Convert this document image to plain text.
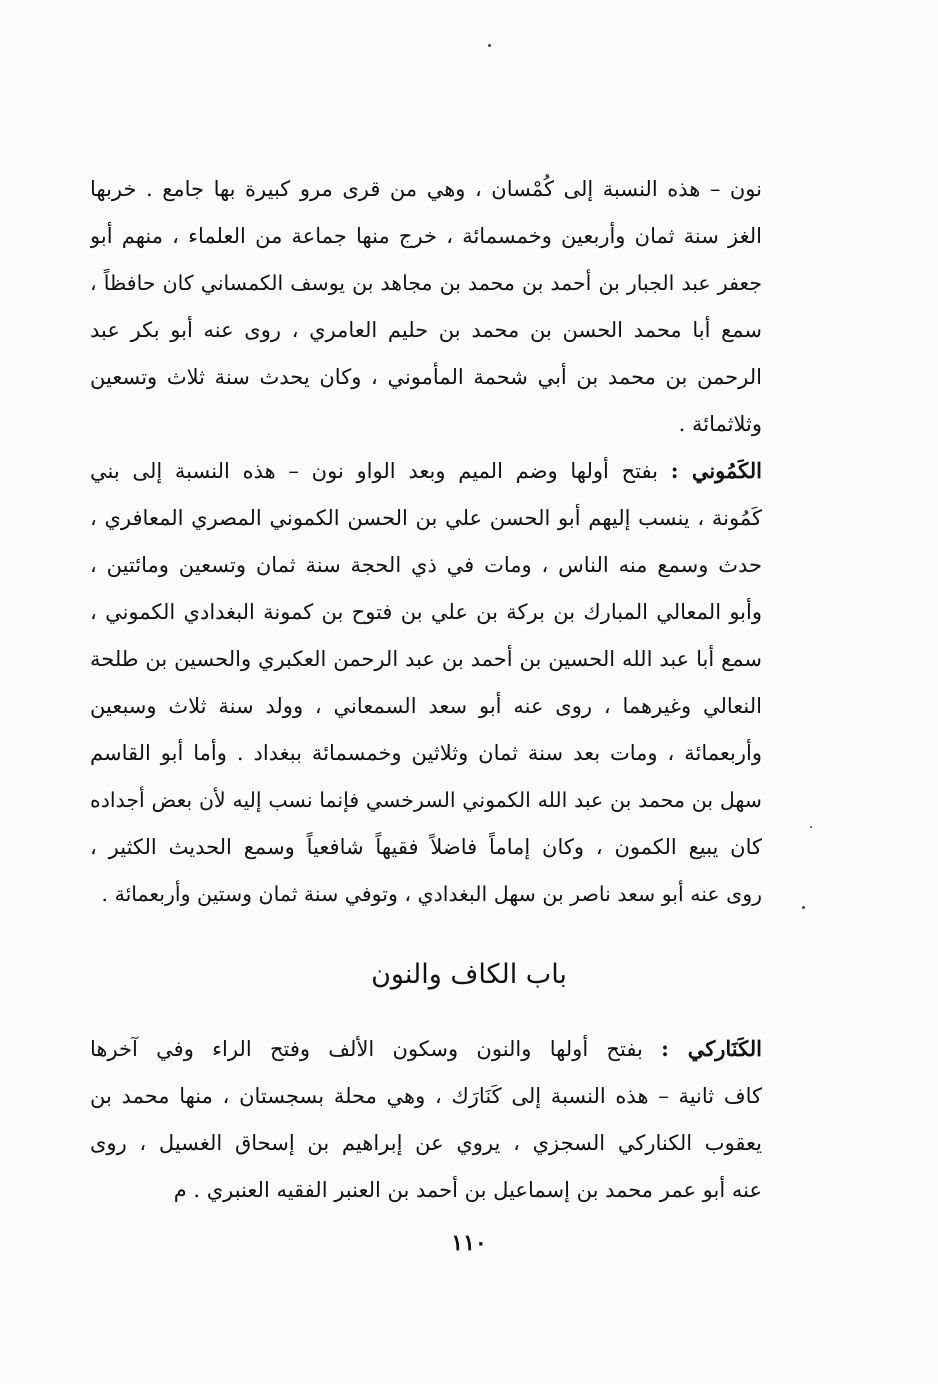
نون – هذه النسبة إلى كُمْسان ، وهي من قرى مرو كبيرة بها جامع . خربها
الغز سنة ثمان وأربعين وخمسمائة ، خرج منها جماعة من العلماء ، منهم أبو
جعفر عبد الجبار بن أحمد بن محمد بن مجاهد بن يوسف الكمساني كان حافظاً ،
سمع أبا محمد الحسن بن محمد بن حليم العامري ، روى عنه أبو بكر عبد
الرحمن بن محمد بن أبي شحمة المأموني ، وكان يحدث سنة ثلاث وتسعين
وثلاثمائة .
الكَمُوني : بفتح أولها وضم الميم وبعد الواو نون – هذه النسبة إلى بني
كَمُونة ، ينسب إليهم أبو الحسن علي بن الحسن الكموني المصري المعافري ،
حدث وسمع منه الناس ، ومات في ذي الحجة سنة ثمان وتسعين ومائتين ،
وأبو المعالي المبارك بن بركة بن علي بن فتوح بن كمونة البغدادي الكموني ،
سمع أبا عبد الله الحسين بن أحمد بن عبد الرحمن العكبري والحسين بن طلحة
النعالي وغيرهما ، روى عنه أبو سعد السمعاني ، وولد سنة ثلاث وسبعين
وأربعمائة ، ومات بعد سنة ثمان وثلاثين وخمسمائة ببغداد . وأما أبو القاسم
سهل بن محمد بن عبد الله الكموني السرخسي فإنما نسب إليه لأن بعض أجداده
كان يبيع الكمون ، وكان إماماً فاضلاً فقيهاً شافعياً وسمع الحديث الكثير ،
روى عنه أبو سعد ناصر بن سهل البغدادي ، وتوفي سنة ثمان وستين وأربعمائة .
باب الكاف والنون
الكَنَاركي : بفتح أولها والنون وسكون الألف وفتح الراء وفي آخرها
كاف ثانية – هذه النسبة إلى كَنَارَك ، وهي محلة بسجستان ، منها محمد بن
يعقوب الكناركي السجزي ، يروي عن إبراهيم بن إسحاق الغسيل ، روى
عنه أبو عمر محمد بن إسماعيل بن أحمد بن العنبر الفقيه العنبري . م
١١٠
